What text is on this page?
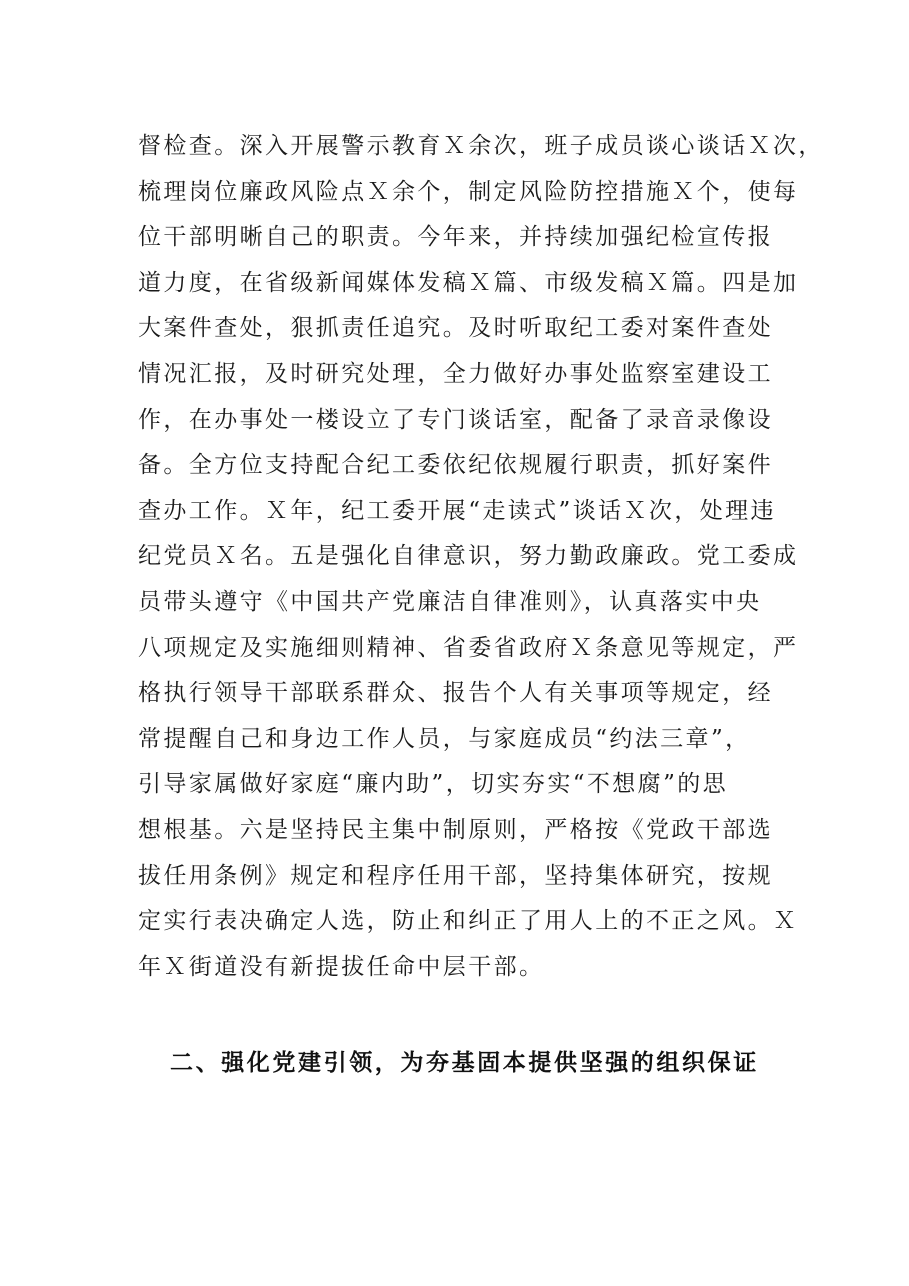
督检查。深入开展警示教育Ｘ余次，班子成员谈心谈话Ｘ次，
梳理岗位廉政风险点Ｘ余个，制定风险防控措施Ｘ个，使每
位干部明晰自己的职责。今年来，并持续加强纪检宣传报
道力度，在省级新闻媒体发稿Ｘ篇、市级发稿Ｘ篇。四是加
大案件查处，狠抓责任追究。及时听取纪工委对案件查处
情况汇报，及时研究处理，全力做好办事处监察室建设工
作，在办事处一楼设立了专门谈话室，配备了录音录像设
备。全方位支持配合纪工委依纪依规履行职责，抓好案件
查办工作。Ｘ年，纪工委开展“走读式”谈话Ｘ次，处理违
纪党员Ｘ名。五是强化自律意识，努力勤政廉政。党工委成
员带头遵守《中国共产党廉洁自律准则》，认真落实中央
八项规定及实施细则精神、省委省政府Ｘ条意见等规定，严
格执行领导干部联系群众、报告个人有关事项等规定，经
常提醒自己和身边工作人员，与家庭成员“约法三章”，
引导家属做好家庭“廉内助”，切实夯实“不想腐”的思
想根基。六是坚持民主集中制原则，严格按《党政干部选
拔任用条例》规定和程序任用干部，坚持集体研究，按规
定实行表决确定人选，防止和纠正了用人上的不正之风。Ｘ
年Ｘ街道没有新提拔任命中层干部。
二、强化党建引领，为夯基固本提供坚强的组织保证
